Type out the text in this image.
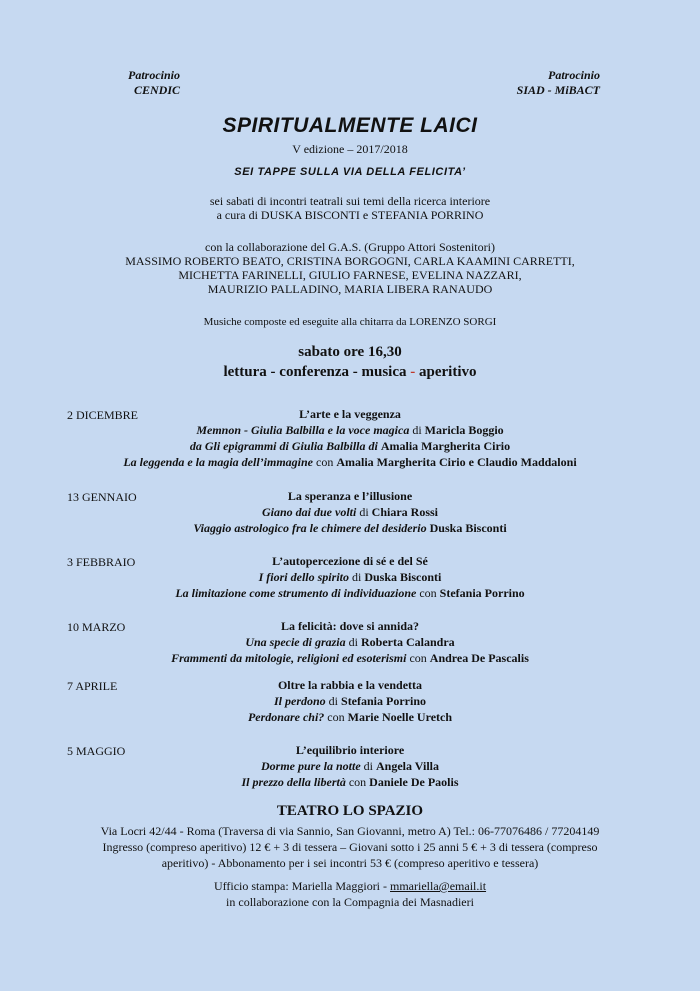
Patrocinio
CENDIC
Patrocinio
SIAD - MiBACT
SPIRITUALMENTE LAICI
V edizione – 2017/2018
SEI TAPPE SULLA VIA DELLA FELICITA’
sei sabati di incontri teatrali sui temi della ricerca interiore
a cura di DUSKA BISCONTI e STEFANIA PORRINO
con la collaborazione del G.A.S. (Gruppo Attori Sostenitori)
MASSIMO ROBERTO BEATO, CRISTINA BORGOGNI, CARLA KAAMINI CARRETTI,
MICHETTA FARINELLI, GIULIO FARNESE, EVELINA NAZZARI,
MAURIZIO PALLADINO, MARIA LIBERA RANAUDO
Musiche composte ed eseguite alla chitarra da LORENZO SORGI
sabato ore 16,30
lettura - conferenza - musica - aperitivo
2 DICEMBRE	L’arte e la veggenza
Memnon - Giulia Balbilla e la voce magica di Maricla Boggio
da Gli epigrammi di Giulia Balbilla di Amalia Margherita Cirio
La leggenda e la magia dell’immagine con Amalia Margherita Cirio e Claudio Maddaloni
13 GENNAIO	La speranza e l’illusione
Giano dai due volti di Chiara Rossi
Viaggio astrologico fra le chimere del desiderio Duska Bisconti
3 FEBBRAIO	L’autopercezione di sé e del Sé
I fiori dello spirito di Duska Bisconti
La limitazione come strumento di individuazione con Stefania Porrino
10 MARZO	La felicità: dove si annida?
Una specie di grazia di Roberta Calandra
Frammenti da mitologie, religioni ed esoterismi con Andrea De Pascalis
7 APRILE	Oltre la rabbia e la vendetta
Il perdono di Stefania Porrino
Perdonare chi? con Marie Noelle Uretch
5 MAGGIO	L’equilibrio interiore
Dorme pure la notte di Angela Villa
Il prezzo della libertà con Daniele De Paolis
TEATRO LO SPAZIO
Via Locri 42/44 - Roma (Traversa di via Sannio, San Giovanni, metro A) Tel.: 06-77076486 / 77204149
Ingresso (compreso aperitivo) 12 € + 3 di tessera – Giovani sotto i 25 anni 5 € + 3 di tessera (compreso
aperitivo) - Abbonamento per i sei incontri 53 € (compreso aperitivo e tessera)
Ufficio stampa: Mariella Maggiori - mmariella@email.it
in collaborazione con la Compagnia dei Masnadieri
